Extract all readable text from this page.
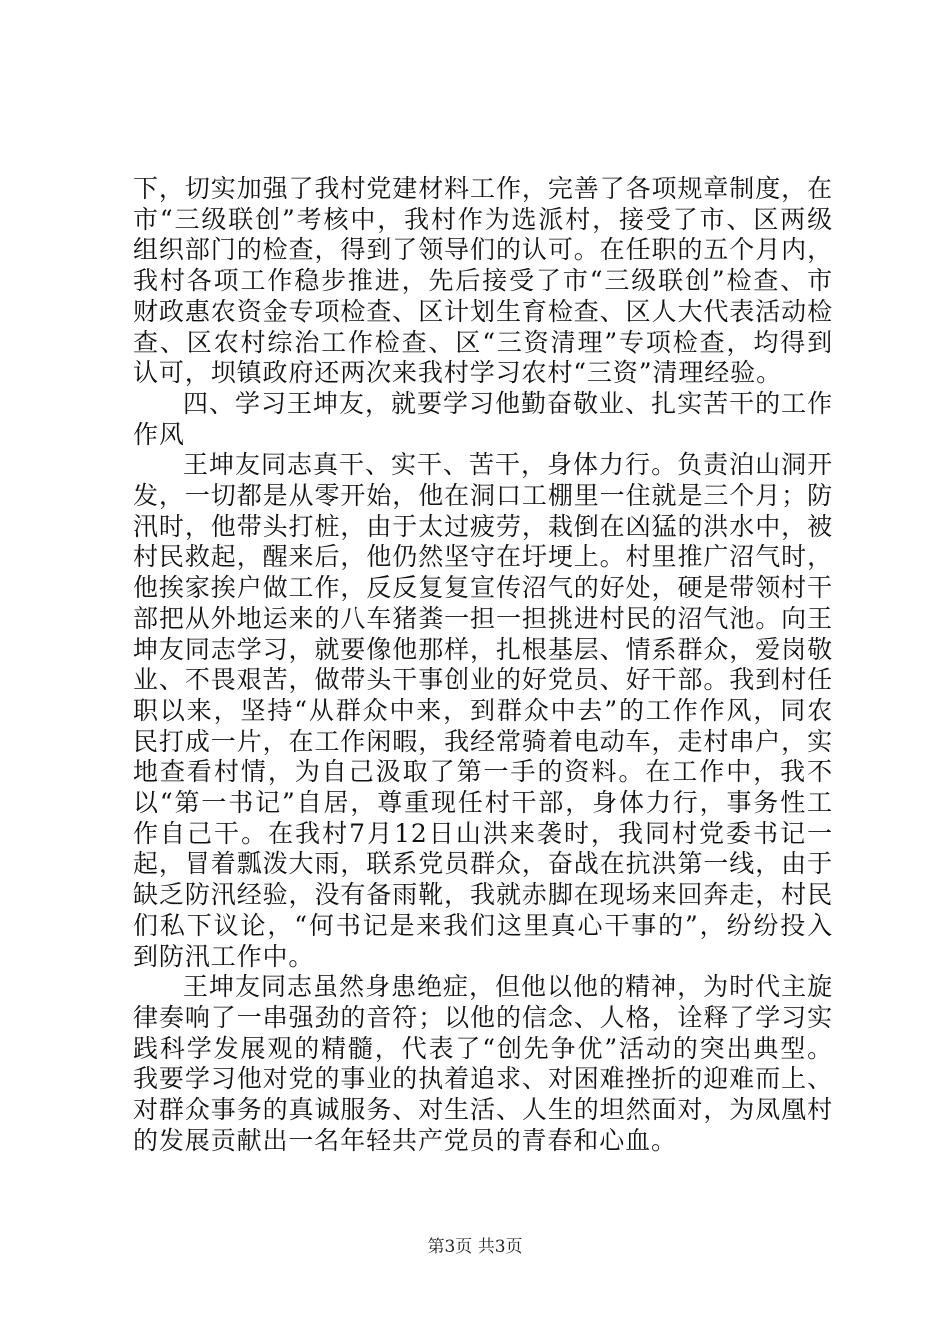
下，切实加强了我村党建材料工作，完善了各项规章制度，在市“三级联创”考核中，我村作为选派村，接受了市、区两级组织部门的检查，得到了领导们的认可。在任职的五个月内，我村各项工作稳步推进，先后接受了市“三级联创”检查、市财政惠农资金专项检查、区计划生育检查、区人大代表活动检查、区农村综治工作检查、区“三资清理”专项检查，均得到认可，坝镇政府还两次来我村学习农村“三资”清理经验。

四、学习王坤友，就要学习他勤奋敬业、扎实苦干的工作作风

王坤友同志真干、实干、苦干，身体力行。负责泊山洞开发，一切都是从零开始，他在洞口工棚里一住就是三个月；防汛时，他带头打桩，由于太过疲劳，栽倒在凶猛的洪水中，被村民救起，醒来后，他仍然坚守在圩埂上。村里推广沼气时，他挨家挨户做工作，反反复复宣传沼气的好处，硬是带领村干部把从外地运来的八车猪粪一担一担挑进村民的沼气池。向王坤友同志学习，就要像他那样，扎根基层、情系群众，爱岗敬业、不畏艰苦，做带头干事创业的好党员、好干部。我到村任职以来，坚持“从群众中来，到群众中去”的工作作风，同农民打成一片，在工作闲暇，我经常骑着电动车，走村串户，实地查看村情，为自己汲取了第一手的资料。在工作中，我不以“第一书记”自居，尊重现任村干部，身体力行，事务性工作自己干。在我村7月12日山洪来袭时，我同村党委书记一起，冒着瓢泼大雨，联系党员群众，奋战在抗洪第一线，由于缺乏防汛经验，没有备雨靴，我就赤脚在现场来回奔走，村民们私下议论，“何书记是来我们这里真心干事的”，纷纷投入到防汛工作中。

王坤友同志虽然身患绝症，但他以他的精神，为时代主旋律奏响了一串强劲的音符；以他的信念、人格，诠释了学习实践科学发展观的精髓，代表了“创先争优”活动的突出典型。我要学习他对党的事业的执着追求、对困难挫折的迎难而上、对群众事务的真诚服务、对生活、人生的坦然面对，为凤凰村的发展贡献出一名年轻共产党员的青春和心血。

第3页 共3页
